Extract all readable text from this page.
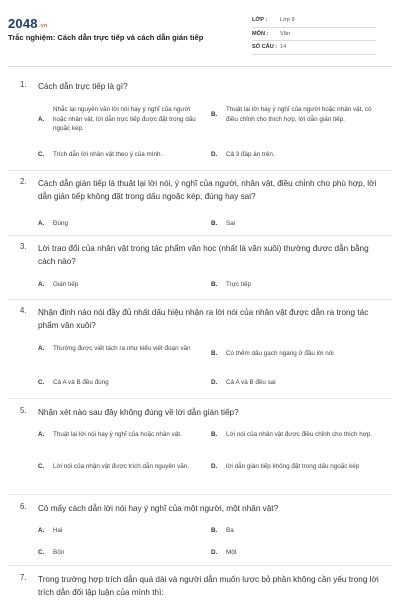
2048.vn
Trắc nghiệm: Cách dẫn trực tiếp và cách dẫn gián tiếp
LỚP :	Lớp 9
MÔN :	Văn
SỐ CÂU : 14
1. Cách dẫn trực tiếp là gì?
A.
Nhắc lại nguyên văn lời nói hay ý nghĩ của người hoặc nhân vật, lời dẫn trực tiếp được đặt trong dấu ngoặc kép.
B.
Thuật lại lời hay ý nghĩ của người hoặc nhân vật, có điều chỉnh cho thích hợp, lời dẫn gián tiếp.
C.	Trích dẫn lời nhân vật theo ý của mình.	D.	Cả 3 đáp án trên.
2. Cách dẫn gián tiếp là thuật lại lời nói, ý nghĩ của người, nhân vật, điều chỉnh cho phù hợp, lời dẫn gián tiếp không đặt trong dấu ngoặc kép, đúng hay sai?
A.	Đúng	B.	Sai
3. Lời trao đổi của nhân vật trong tác phẩm văn học (nhất là văn xuôi) thường được dẫn bằng cách nào?
A.	Gián tiếp	B.	Trực tiếp
4. Nhận định nào nói đầy đủ nhất dấu hiệu nhận ra lời nói của nhân vật được dẫn ra trong tác phẩm văn xuôi?
A.	Thường được viết tách ra như kiểu viết đoạn văn
B.	Có thêm dấu gạch ngang ở đầu lời nói
C.	Cả A và B đều đúng	D.	Cả A và B đều sai
5. Nhận xét nào sau đây không đúng về lời dẫn gián tiếp?
A.	Thuật lại lời nói hay ý nghĩ của hoặc nhân vật.	B.	Lời nói của nhân vật được điều chỉnh cho thích hợp.
C.	Lời nói của nhận vật được trích dẫn nguyên văn.	D.	lời dẫn gián tiếp không đặt trong dấu ngoặc kép
6. Có mấy cách dẫn lời nói hay ý nghĩ của một người, một nhân vật?
A.	Hai	B.	Ba
C.	Bốn	D.	Một
7. Trong trường hợp trích dẫn quá dài và người dẫn muốn lược bỏ phần không cần yếu trong lời trích dẫn đối lập luận của mình thì:
